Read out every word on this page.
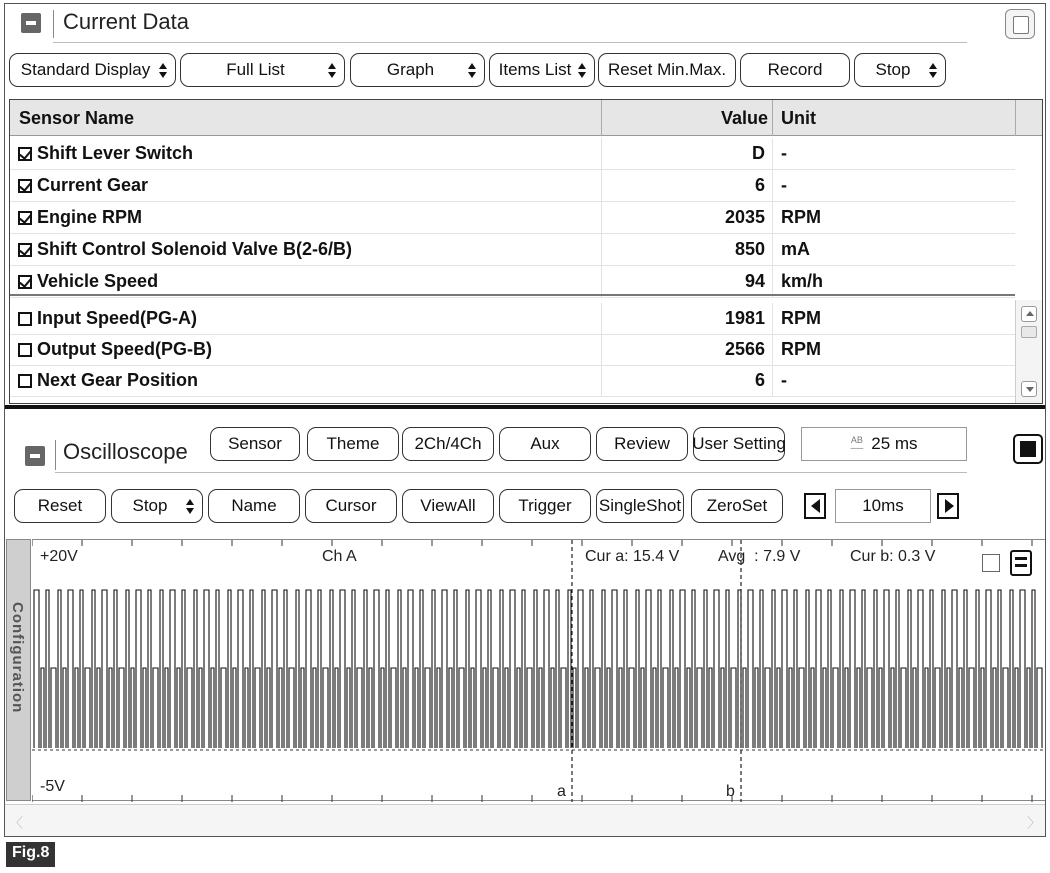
Current Data
Standard Display	Full List	Graph	Items List Reset Min.Max. Record	Stop
Sensor Name	Value Unit
Shift Lever Switch	D -
Current Gear	6 -
Engine RPM	2035 RPM
Shift Control Solenoid Valve B(2-6/B)	850 mA
Vehicle Speed	94 km/h
Input Speed(PG-A)	1981 RPM
Output Speed(PG-B)	2566 RPM
Next Gear Position	6 -
Oscilloscope Sensor	Theme 2Ch/4Ch	Aux	Review User Setting	AB
── 25 ms
Reset	Stop	Name	Cursor	ViewAll	Trigger SingleShot ZeroSet	10ms
Configuration
+20V	Ch A	Cur a: 15.4 V Avg  : 7.9 V	Cur b: 0.3 V
-5V	a	b
〈	〉
Fig.8
